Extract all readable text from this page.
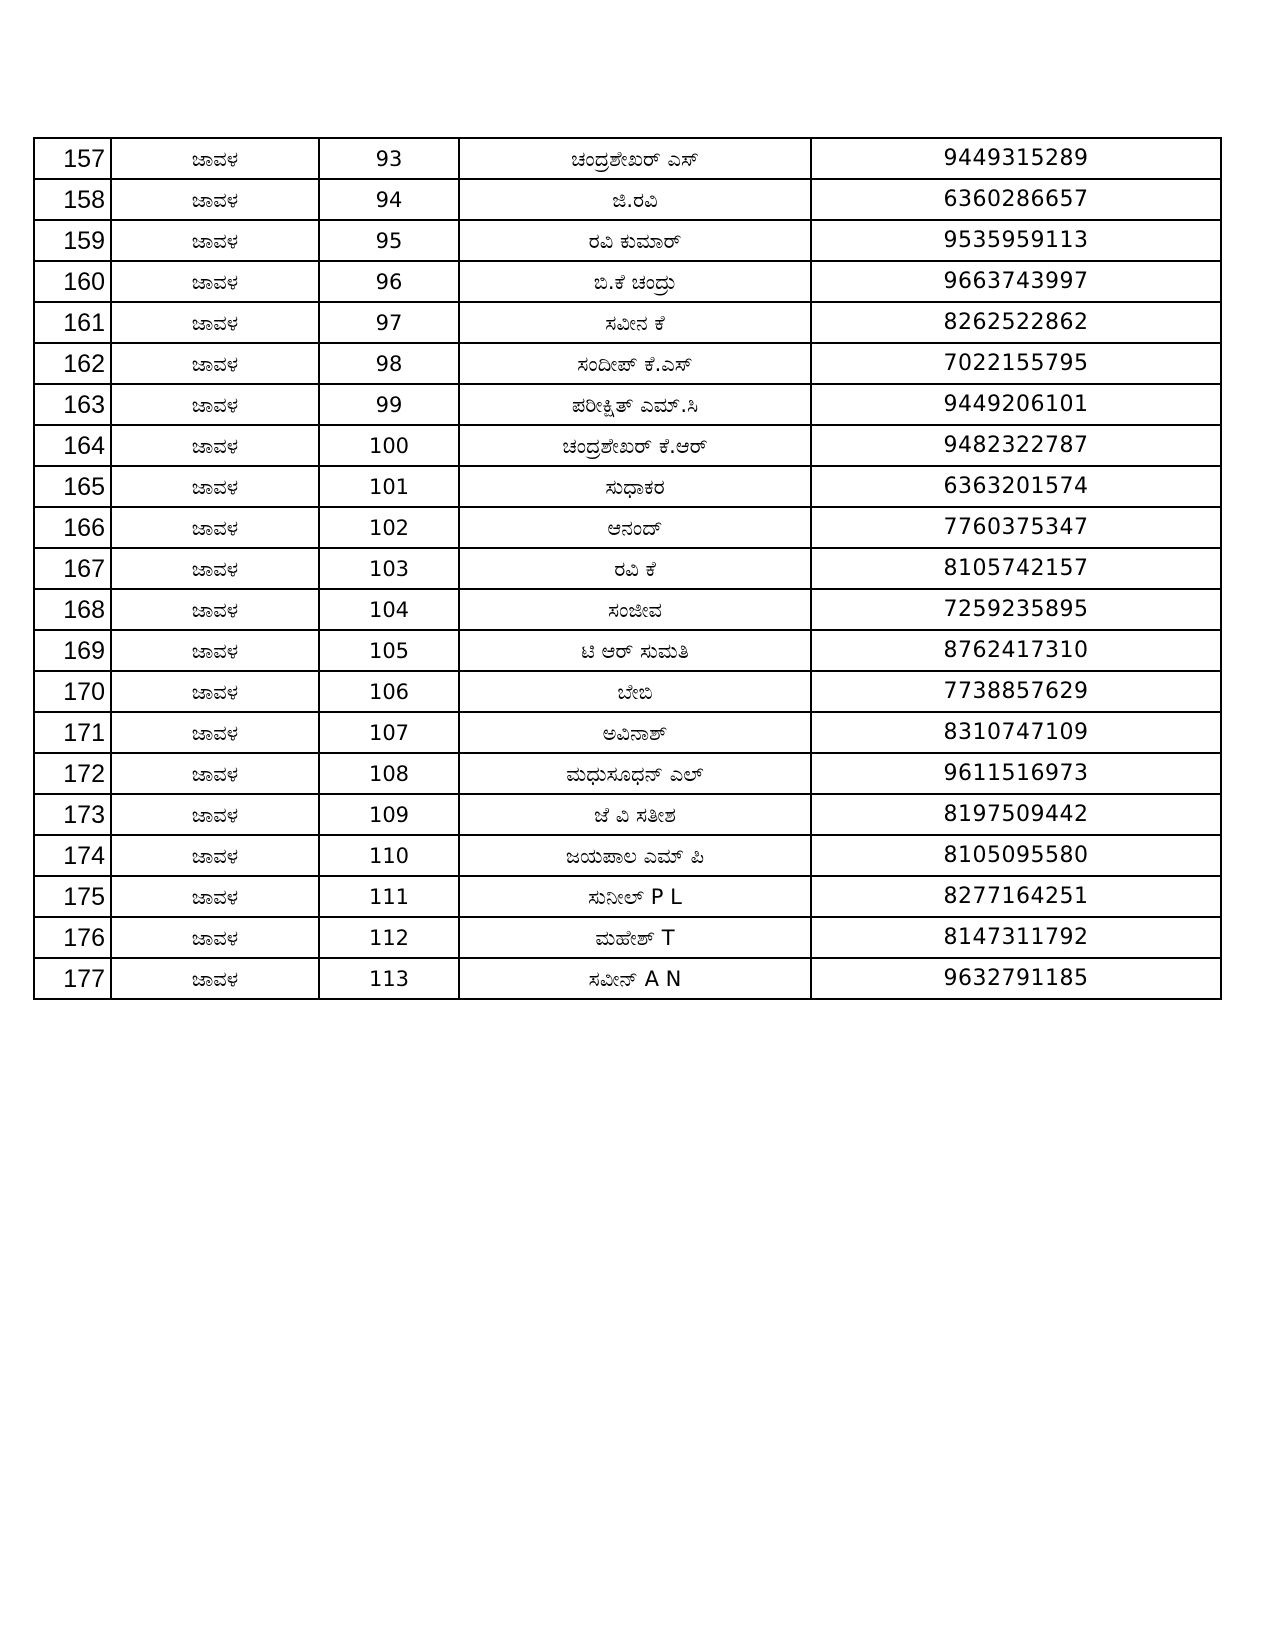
157	ಜಾವಳ	93	ಚಂದ್ರಶೇಖರ್ ಎಸ್	9449315289
158	ಜಾವಳ	94	ಜಿ.ರವಿ	6360286657
159	ಜಾವಳ	95	ರವಿ ಕುಮಾರ್	9535959113
160	ಜಾವಳ	96	ಬಿ.ಕೆ ಚಂದ್ರು	9663743997
161	ಜಾವಳ	97	ಸವೀನ ಕೆ	8262522862
162	ಜಾವಳ	98	ಸಂದೀಪ್ ಕೆ.ಎಸ್	7022155795
163	ಜಾವಳ	99	ಪರೀಕ್ಷಿತ್ ಎಮ್.ಸಿ	9449206101
164	ಜಾವಳ	100	ಚಂದ್ರಶೇಖರ್ ಕೆ.ಆರ್	9482322787
165	ಜಾವಳ	101	ಸುಧಾಕರ	6363201574
166	ಜಾವಳ	102	ಆನಂದ್	7760375347
167	ಜಾವಳ	103	ರವಿ ಕೆ	8105742157
168	ಜಾವಳ	104	ಸಂಜೀವ	7259235895
169	ಜಾವಳ	105	ಟಿ ಆರ್ ಸುಮತಿ	8762417310
170	ಜಾವಳ	106	ಬೇಬಿ	7738857629
171	ಜಾವಳ	107	ಅವಿನಾಶ್	8310747109
172	ಜಾವಳ	108	ಮಧುಸೂಧನ್ ಎಲ್	9611516973
173	ಜಾವಳ	109	ಜೆ ವಿ ಸತೀಶ	8197509442
174	ಜಾವಳ	110	ಜಯಪಾಲ ಎಮ್ ಪಿ	8105095580
175	ಜಾವಳ	111	ಸುನೀಲ್ P L	8277164251
176	ಜಾವಳ	112	ಮಹೇಶ್ T	8147311792
177	ಜಾವಳ	113	ಸವೀನ್ A N	9632791185
